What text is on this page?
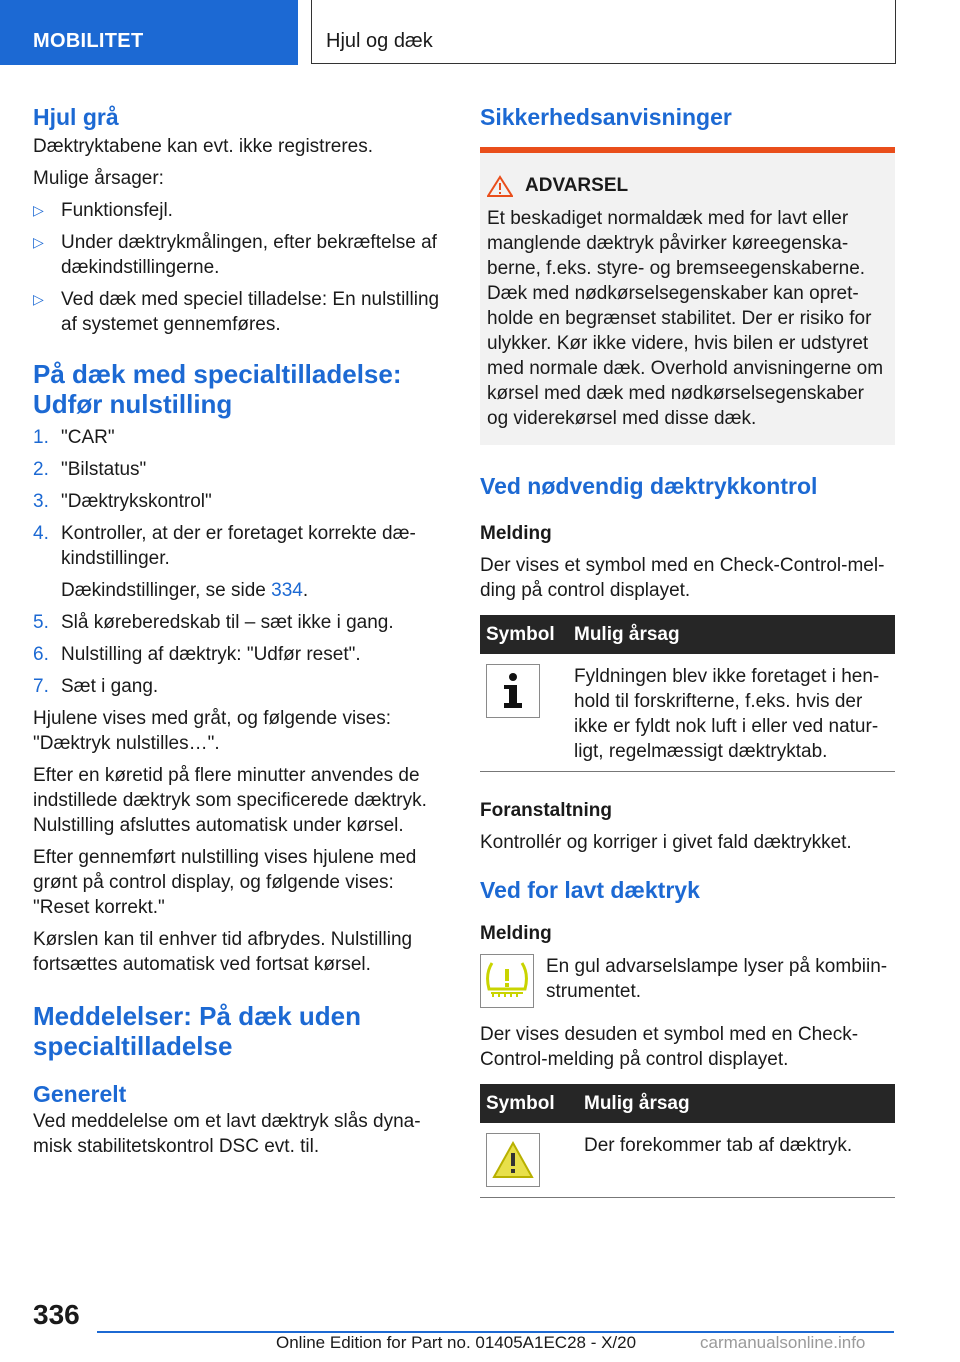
MOBILITET	Hjul og dæk
Hjul grå

Dæktryktabene kan evt. ikke registreres.

Mulige årsager:

▷ Funktionsfejl.
▷ Under dæktrykmålingen, efter bekræftelse af dækindstillingerne.
▷ Ved dæk med speciel tilladelse: En nulstilling af systemet gennemføres.
På dæk med specialtilladelse: Udfør nulstilling
1. "CAR"
2. "Bilstatus"
3. "Dæktrykskontrol"
4. Kontroller, at der er foretaget korrekte dækindstillinger.
Dækindstillinger, se side 334.
5. Slå køreberedskab til – sæt ikke i gang.
6. Nulstilling af dæktryk: "Udfør reset".
7. Sæt i gang.

Hjulene vises med gråt, og følgende vises: "Dæktryk nulstilles…".

Efter en køretid på flere minutter anvendes de indstillede dæktryk som specificerede dæktryk. Nulstilling afsluttes automatisk under kørsel.

Efter gennemført nulstilling vises hjulene med grønt på control display, og følgende vises: "Reset korrekt."

Kørslen kan til enhver tid afbrydes. Nulstilling fortsættes automatisk ved fortsat kørsel.

Meddelelser: På dæk uden specialtilladelse
Generelt

Ved meddelelse om et lavt dæktryk slås dynamisk stabilitetskontrol DSC evt. til.

Sikkerhedsanvisninger
ADVARSEL

Et beskadiget normaldæk med for lavt eller manglende dæktryk påvirker køreegenskaberne, f.eks. styre- og bremseegenskaberne. Dæk med nødkørselsegenskaber kan opretholde en begrænset stabilitet. Der er risiko for ulykker. Kør ikke videre, hvis bilen er udstyret med normale dæk. Overhold anvisningerne om kørsel med dæk med nødkørselsegenskaber og viderekørsel med disse dæk.

Ved nødvendig dæktrykkontrol
Melding

Der vises et symbol med en Check-Control-melding på control displayet.

Symbol	Mulig årsag

	Fyldningen blev ikke foretaget i henhold til forskrifterne, f.eks. hvis der ikke er fyldt nok luft i eller ved naturligt, regelmæssigt dæktryktab.
Foranstaltning

Kontrollér og korriger i givet fald dæktrykket.

Ved for lavt dæktryk
Melding

En gul advarselslampe lyser på kombiinstrumentet.

Der vises desuden et symbol med en Check-Control-melding på control displayet.

Symbol	Mulig årsag

	Der forekommer tab af dæktryk.
336
Online Edition for Part no. 01405A1EC28 - X/20	carmanualsonline.info
